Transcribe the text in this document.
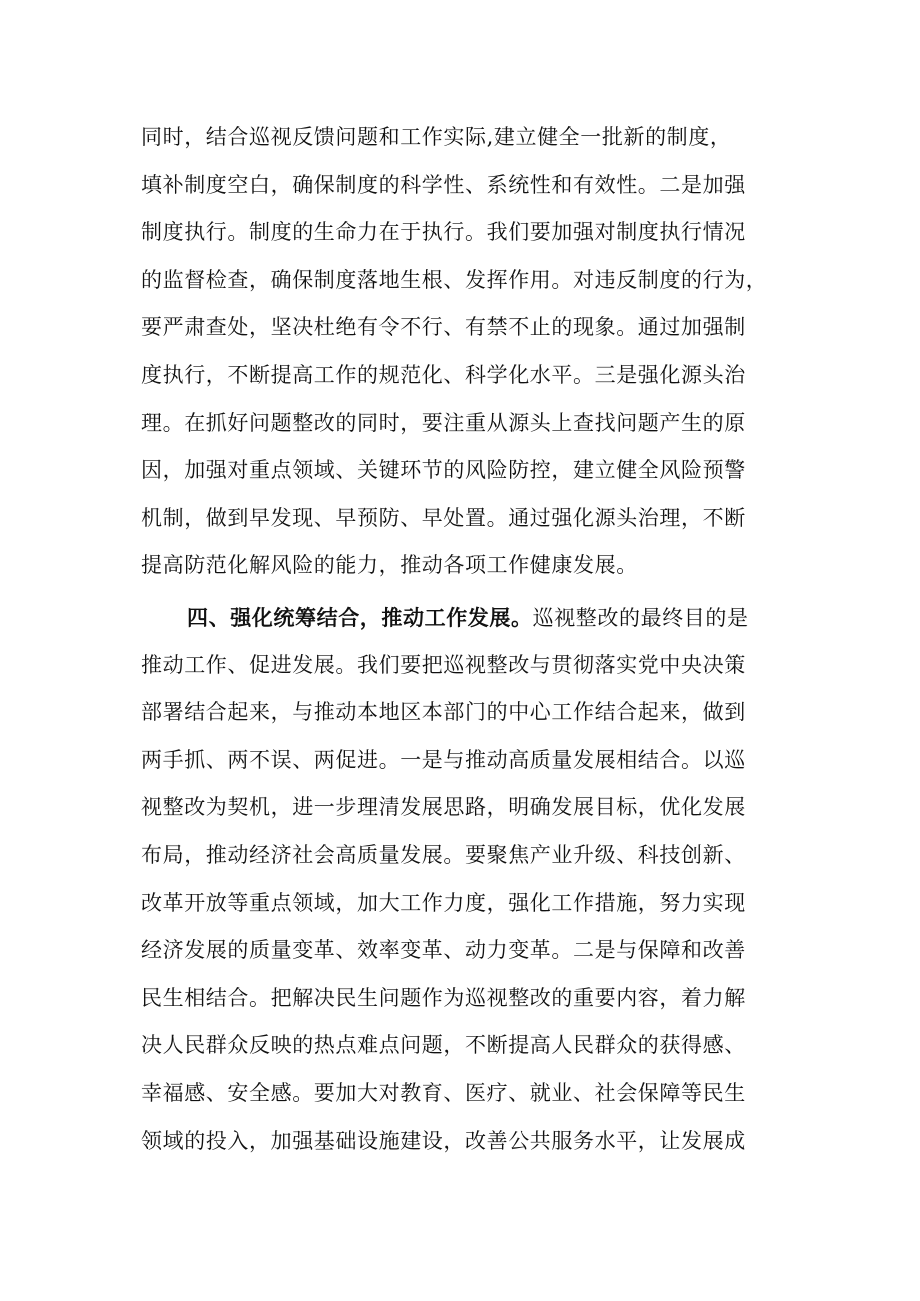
同时，结合巡视反馈问题和工作实际,建立健全一批新的制度，
填补制度空白，确保制度的科学性、系统性和有效性。二是加强
制度执行。制度的生命力在于执行。我们要加强对制度执行情况
的监督检查，确保制度落地生根、发挥作用。对违反制度的行为，
要严肃查处，坚决杜绝有令不行、有禁不止的现象。通过加强制
度执行，不断提高工作的规范化、科学化水平。三是强化源头治
理。在抓好问题整改的同时，要注重从源头上查找问题产生的原
因，加强对重点领域、关键环节的风险防控，建立健全风险预警
机制，做到早发现、早预防、早处置。通过强化源头治理，不断
提高防范化解风险的能力，推动各项工作健康发展。
四、强化统筹结合，推动工作发展。巡视整改的最终目的是
推动工作、促进发展。我们要把巡视整改与贯彻落实党中央决策
部署结合起来，与推动本地区本部门的中心工作结合起来，做到
两手抓、两不误、两促进。一是与推动高质量发展相结合。以巡
视整改为契机，进一步理清发展思路，明确发展目标，优化发展
布局，推动经济社会高质量发展。要聚焦产业升级、科技创新、
改革开放等重点领域，加大工作力度，强化工作措施，努力实现
经济发展的质量变革、效率变革、动力变革。二是与保障和改善
民生相结合。把解决民生问题作为巡视整改的重要内容，着力解
决人民群众反映的热点难点问题，不断提高人民群众的获得感、
幸福感、安全感。要加大对教育、医疗、就业、社会保障等民生
领域的投入，加强基础设施建设，改善公共服务水平，让发展成
